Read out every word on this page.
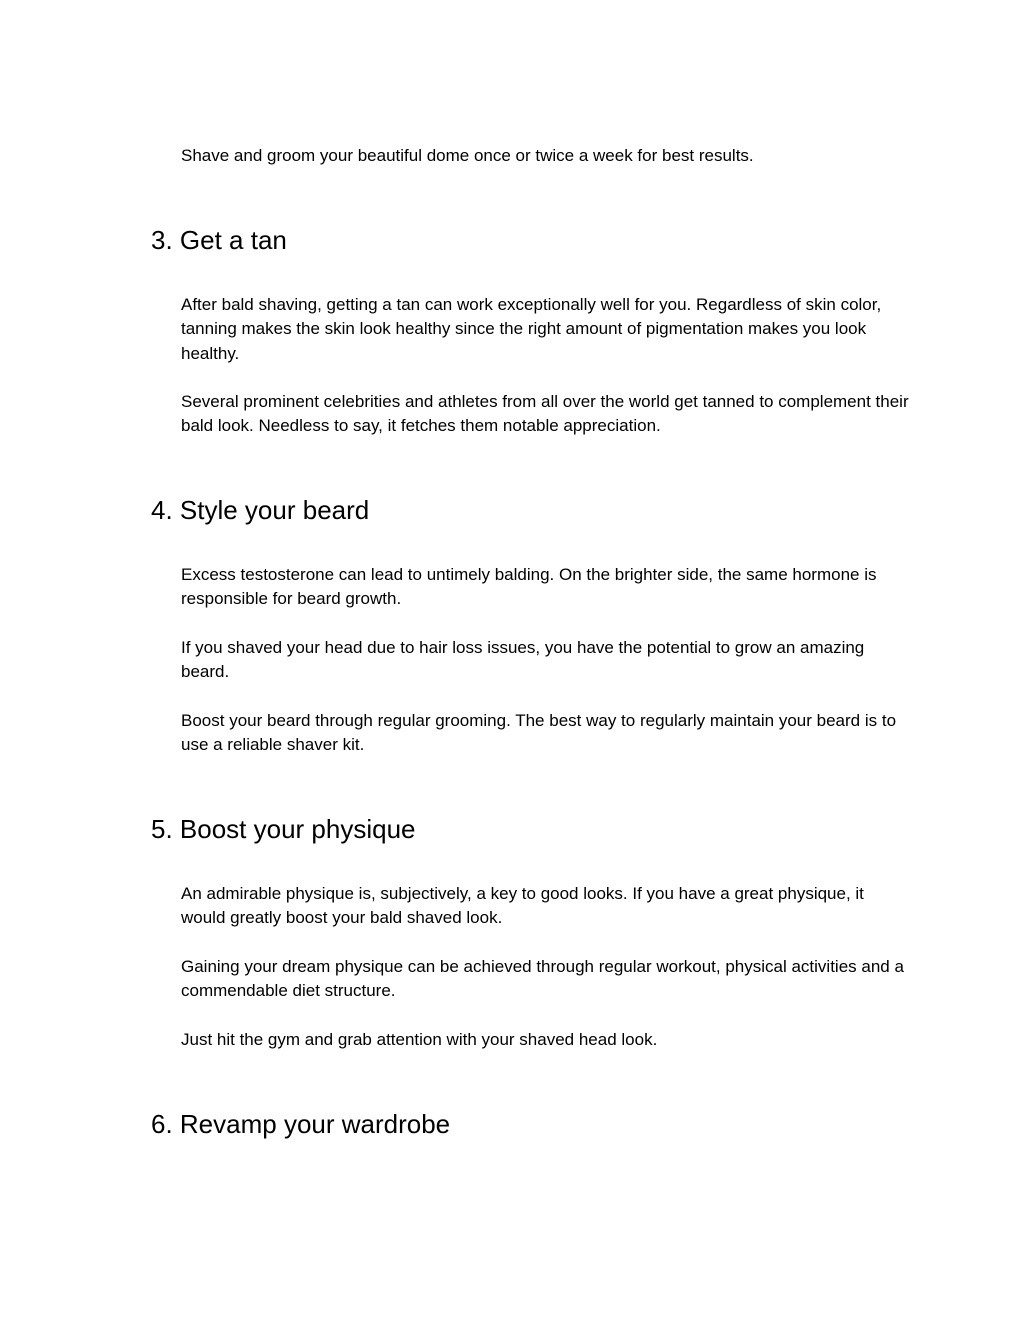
Shave and groom your beautiful dome once or twice a week for best results.

3. Get a tan

After bald shaving, getting a tan can work exceptionally well for you. Regardless of skin color, tanning makes the skin look healthy since the right amount of pigmentation makes you look healthy.

Several prominent celebrities and athletes from all over the world get tanned to complement their bald look. Needless to say, it fetches them notable appreciation.

4. Style your beard

Excess testosterone can lead to untimely balding. On the brighter side, the same hormone is responsible for beard growth.

If you shaved your head due to hair loss issues, you have the potential to grow an amazing beard.

Boost your beard through regular grooming. The best way to regularly maintain your beard is to use a reliable shaver kit.

5. Boost your physique

An admirable physique is, subjectively, a key to good looks. If you have a great physique, it would greatly boost your bald shaved look.

Gaining your dream physique can be achieved through regular workout, physical activities and a commendable diet structure.

Just hit the gym and grab attention with your shaved head look.

6. Revamp your wardrobe
